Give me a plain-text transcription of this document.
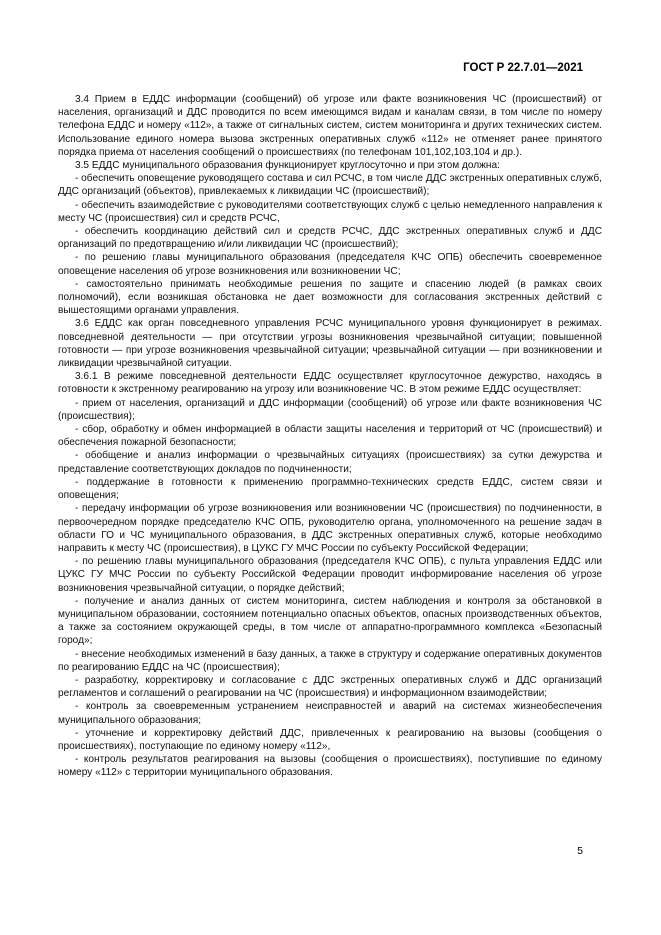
ГОСТ Р 22.7.01—2021

3.4 Прием в ЕДДС информации (сообщений) об угрозе или факте возникновения ЧС (происшествий) от населения, организаций и ДДС проводится по всем имеющимся видам и каналам связи, в том числе по номеру телефона ЕДДС и номеру «112», а также от сигнальных систем, систем мониторинга и других технических систем. Использование единого номера вызова экстренных оперативных служб «112» не отменяет ранее принятого порядка приема от населения сообщений о происшествиях (по телефонам 101,102,103,104 и др.).

3.5 ЕДДС муниципального образования функционирует круглосуточно и при этом должна:

- обеспечить оповещение руководящего состава и сил РСЧС, в том числе ДДС экстренных оперативных служб, ДДС организаций (объектов), привлекаемых к ликвидации ЧС (происшествий);

- обеспечить взаимодействие с руководителями соответствующих служб с целью немедленного направления к месту ЧС (происшествия) сил и средств РСЧС,

- обеспечить координацию действий сил и средств РСЧС, ДДС экстренных оперативных служб и ДДС организаций по предотвращению и/или ликвидации ЧС (происшествий);

- по решению главы муниципального образования (председателя КЧС ОПБ) обеспечить своевременное оповещение населения об угрозе возникновения или возникновении ЧС;

- самостоятельно принимать необходимые решения по защите и спасению людей (в рамках своих полномочий), если возникшая обстановка не дает возможности для согласования экстренных действий с вышестоящими органами управления.

3.6 ЕДДС как орган повседневного управления РСЧС муниципального уровня функционирует в режимах. повседневной деятельности — при отсутствии угрозы возникновения чрезвычайной ситуации; повышенной готовности — при угрозе возникновения чрезвычайной ситуации; чрезвычайной ситуации — при возникновении и ликвидации чрезвычайной ситуации.

3.6.1 В режиме повседневной деятельности ЕДДС осуществляет круглосуточное дежурство, находясь в готовности к экстренному реагированию на угрозу или возникновение ЧС. В этом режиме ЕДДС осуществляет:

- прием от населения, организаций и ДДС информации (сообщений) об угрозе или факте возникновения ЧС (происшествия);

- сбор, обработку и обмен информацией в области защиты населения и территорий от ЧС (происшествий) и обеспечения пожарной безопасности;

- обобщение и анализ информации о чрезвычайных ситуациях (происшествиях) за сутки дежурства и представление соответствующих докладов по подчиненности;

- поддержание в готовности к применению программно-технических средств ЕДДС, систем связи и оповещения;

- передачу информации об угрозе возникновения или возникновении ЧС (происшествия) по подчиненности, в первоочередном порядке председателю КЧС ОПБ, руководителю органа, уполномоченного на решение задач в области ГО и ЧС муниципального образования, в ДДС экстренных оперативных служб, которые необходимо направить к месту ЧС (происшествия), в ЦУКС ГУ МЧС России по субъекту Российской Федерации;

- по решению главы муниципального образования (председателя КЧС ОПБ), с пульта управления ЕДДС или ЦУКС ГУ МЧС России по субъекту Российской Федерации проводит информирование населения об угрозе возникновения чрезвычайной ситуации, о порядке действий;

- получение и анализ данных от систем мониторинга, систем наблюдения и контроля за обстановкой в муниципальном образовании, состоянием потенциально опасных объектов, опасных производственных объектов, а также за состоянием окружающей среды, в том числе от аппаратно-программного комплекса «Безопасный город»;

- внесение необходимых изменений в базу данных, а также в структуру и содержание оперативных документов по реагированию ЕДДС на ЧС (происшествия);

- разработку, корректировку и согласование с ДДС экстренных оперативных служб и ДДС организаций регламентов и соглашений о реагировании на ЧС (происшествия) и информационном взаимодействии;

- контроль за своевременным устранением неисправностей и аварий на системах жизнеобеспечения муниципального образования;

- уточнение и корректировку действий ДДС, привлеченных к реагированию на вызовы (сообщения о происшествиях), поступающие по единому номеру «112»,

- контроль результатов реагирования на вызовы (сообщения о происшествиях), поступившие по единому номеру «112» с территории муниципального образования.

5
